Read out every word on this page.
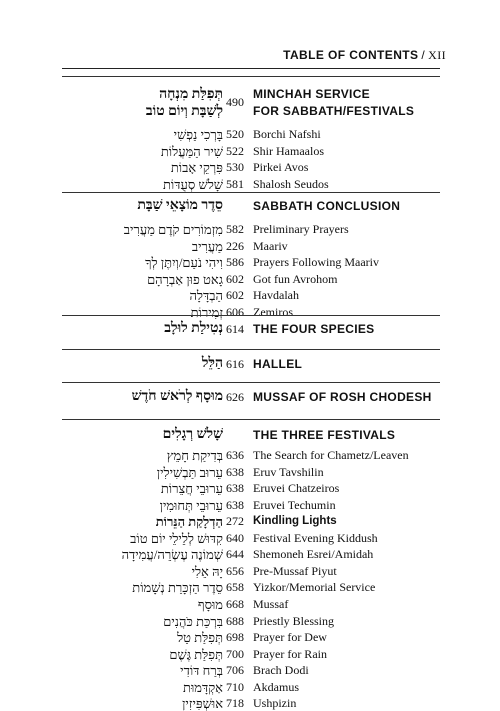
TABLE OF CONTENTS / XII
תְּפִלַּת מִנְחָה
לְשַׁבָּת וְיוֹם טוֹב
490
MINCHAH SERVICE
FOR SABBATH/FESTIVALS
בָּרְכִי נַפְשִׁי 520 Borchi Nafshi
שִׁיר הַמַּעֲלוֹת 522 Shir Hamaalos
פִּרְקֵי אָבוֹת 530 Pirkei Avos
שָׁלֹשׁ סְעֻדּוֹת 581 Shalosh Seudos
סֵדֶר מוֹצָאֵי שַׁבָּת	SABBATH CONCLUSION
מִזְמוֹרִים קֹדֶם מַעֲרִיב 582 Preliminary Prayers
מַעֲרִיב 226 Maariv
וִיהִי נֹעַם/וְיִתֶּן לְךָ 586 Prayers Following Maariv
גָאט פוּן אַבְרָהָם 602 Got fun Avrohom
הַבְדָּלָה 602 Havdalah
זְמִירוֹת 606 Zemiros
נְטִילַת לוּלָב 614 THE FOUR SPECIES
הַלֵּל 616 HALLEL
מוּסָף לְרֹאשׁ חֹדֶשׁ 626 MUSSAF OF ROSH CHODESH
שָׁלֹשׁ רְגָלִים	THE THREE FESTIVALS
בְּדִיקַת חָמֵץ 636 The Search for Chametz/Leaven
עֵרוּב תַּבְשִׁילִין 638 Eruv Tavshilin
עֵרוּבֵי חֲצֵרוֹת 638 Eruvei Chatzeiros
עֵרוּבֵי תְּחוּמִין 638 Eruvei Techumin
הַדְלָקַת הַנֵּרוֹת 272 Kindling Lights
קִדּוּשׁ לְלֵילֵי יוֹם טוֹב 640 Festival Evening Kiddush
שְׁמוֹנֶה עֶשְׂרֵה/עֲמִידָה 644 Shemoneh Esrei/Amidah
יָהּ אֵלִי 656 Pre-Mussaf Piyut
סֵדֶר הַזְכָּרַת נְשָׁמוֹת 658 Yizkor/Memorial Service
מוּסָף 668 Mussaf
בִּרְכַּת כֹּהֲנִים 688 Priestly Blessing
תְּפִלַּת טַל 698 Prayer for Dew
תְּפִלַּת גֶּשֶׁם 700 Prayer for Rain
בְּרַח דּוֹדִי 706 Brach Dodi
אַקְדָּמוּת 710 Akdamus
אוּשְׁפִּיזִין 718 Ushpizin
